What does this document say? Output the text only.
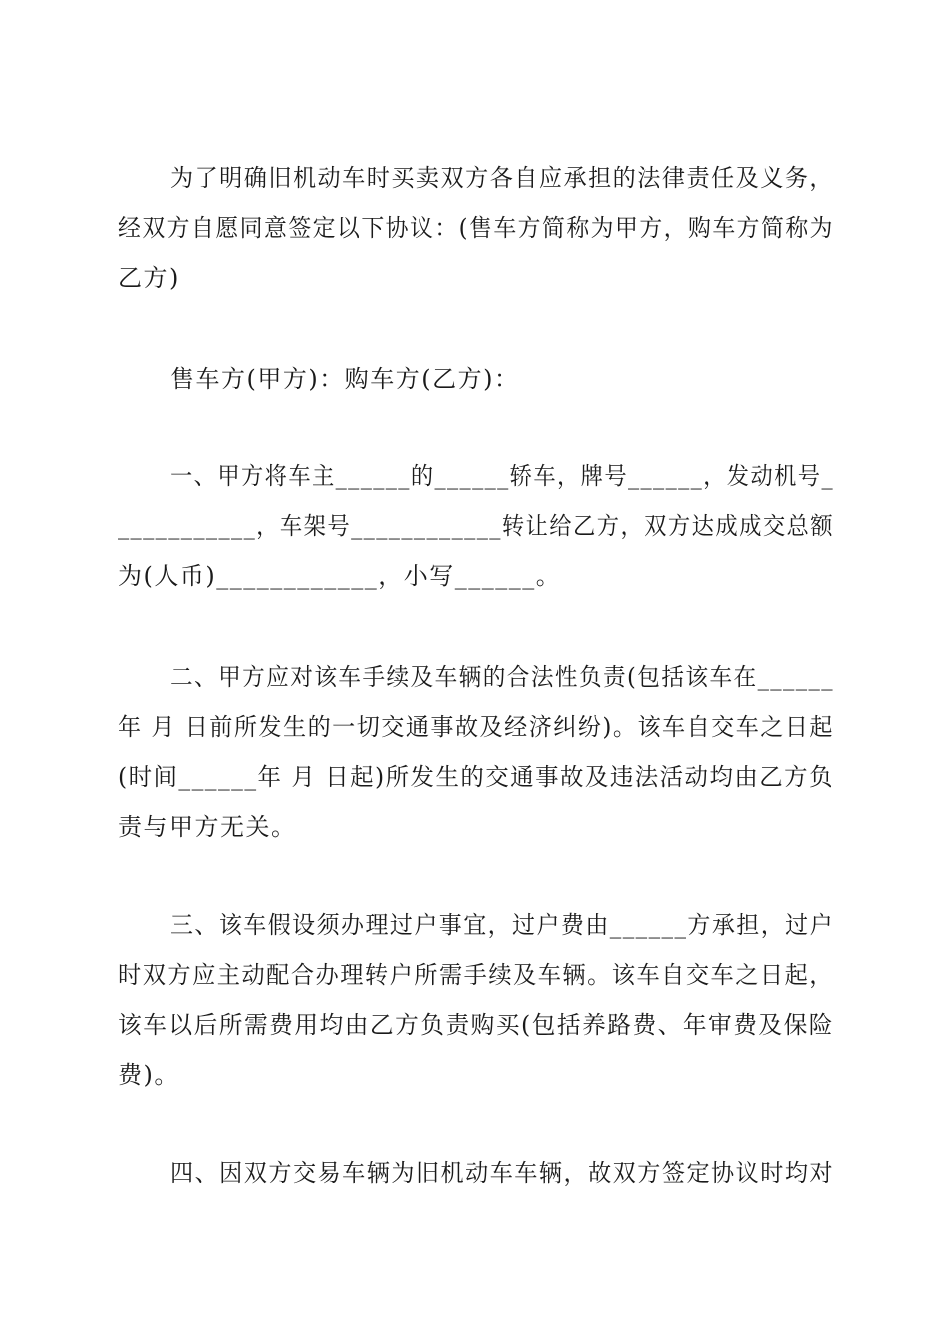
为了明确旧机动车时买卖双方各自应承担的法律责任及义务，
经双方自愿同意签定以下协议：(售车方简称为甲方，购车方简称为
乙方)
售车方(甲方)：购车方(乙方)：
一、甲方将车主______的______轿车，牌号______，发动机号_
___________，车架号____________转让给乙方，双方达成成交总额
为(人币)____________，小写______。
二、甲方应对该车手续及车辆的合法性负责(包括该车在______
年 月 日前所发生的一切交通事故及经济纠纷)。该车自交车之日起
(时间______年 月 日起)所发生的交通事故及违法活动均由乙方负
责与甲方无关。
三、该车假设须办理过户事宜，过户费由______方承担，过户
时双方应主动配合办理转户所需手续及车辆。该车自交车之日起，
该车以后所需费用均由乙方负责购买(包括养路费、年审费及保险
费)。
四、因双方交易车辆为旧机动车车辆，故双方签定协议时均对
